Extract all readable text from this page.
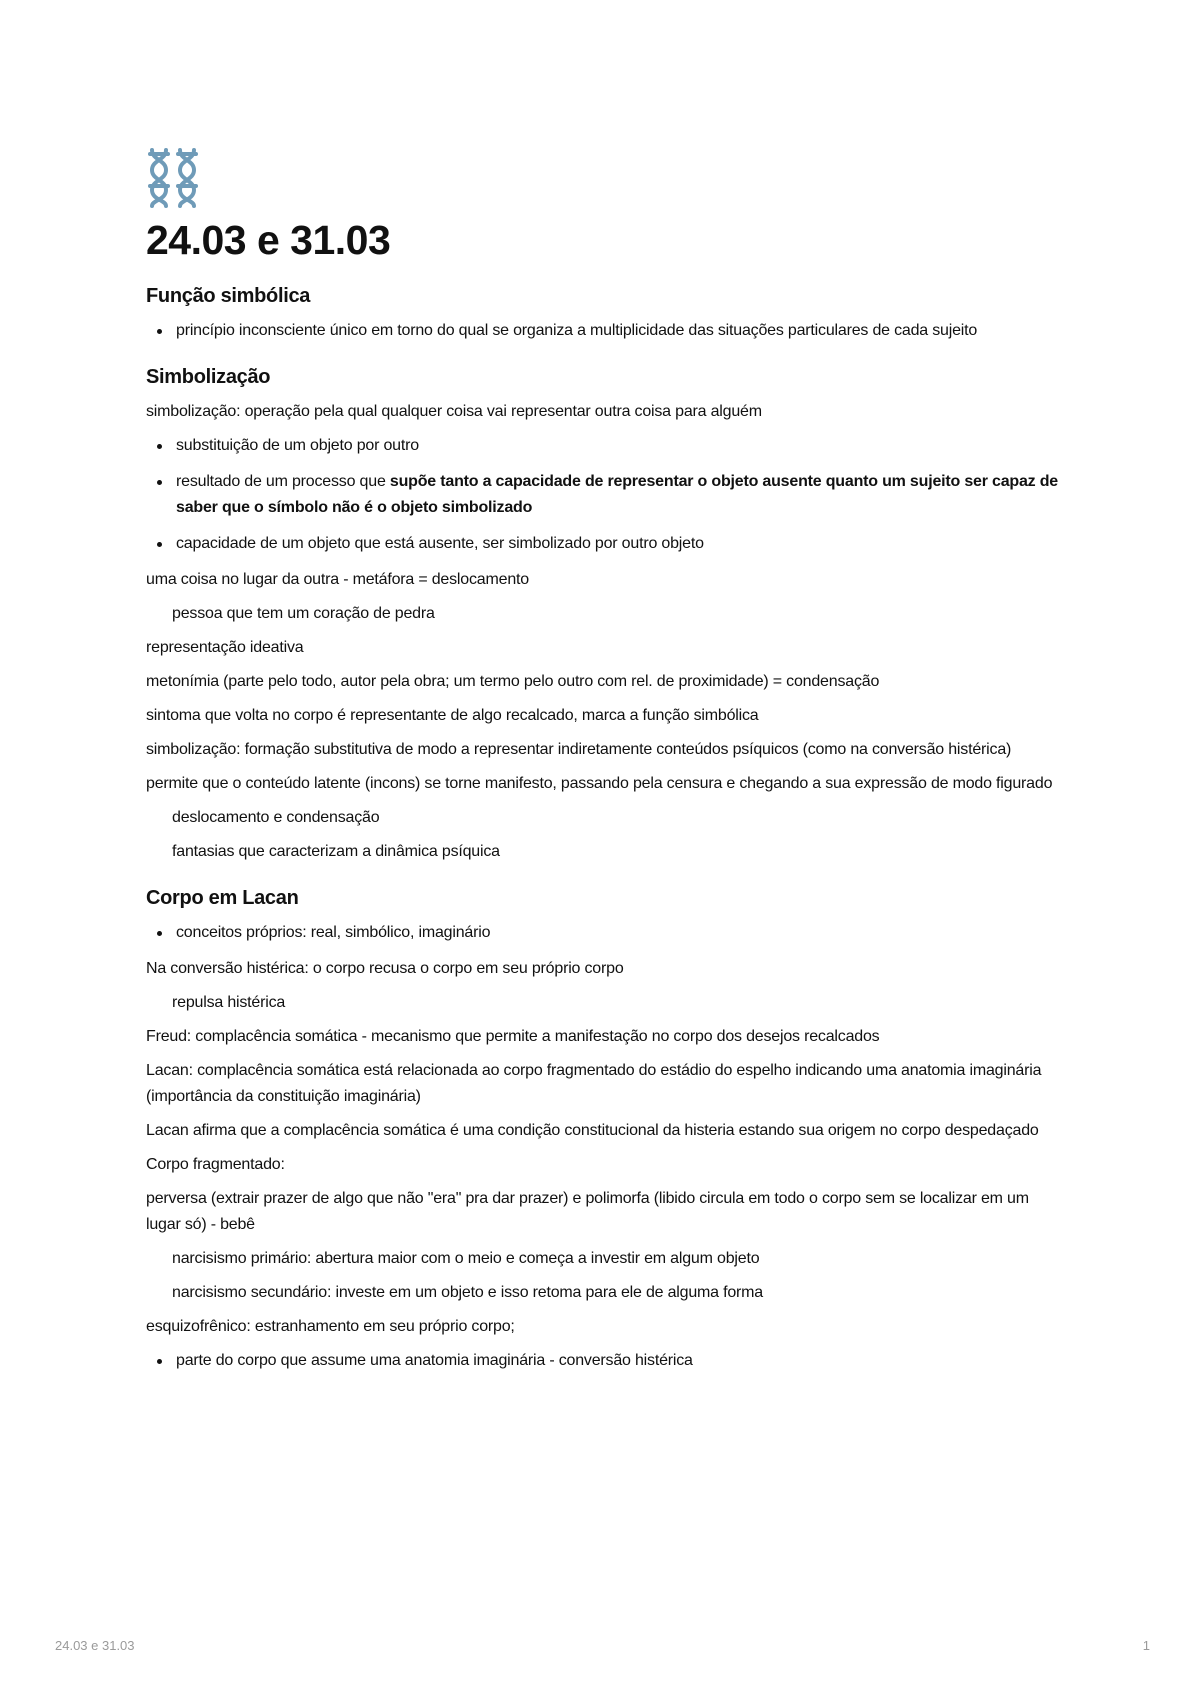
24.03 e 31.03
Função simbólica
princípio inconsciente único em torno do qual se organiza a multiplicidade das situações particulares de cada sujeito
Simbolização

simbolização: operação pela qual qualquer coisa vai representar outra coisa para alguém

substituição de um objeto por outro
resultado de um processo que supõe tanto a capacidade de representar o objeto ausente quanto um sujeito ser capaz de saber que o símbolo não é o objeto simbolizado
capacidade de um objeto que está ausente, ser simbolizado por outro objeto

uma coisa no lugar da outra - metáfora = deslocamento

pessoa que tem um coração de pedra

representação ideativa

metonímia (parte pelo todo, autor pela obra; um termo pelo outro com rel. de proximidade) = condensação

sintoma que volta no corpo é representante de algo recalcado, marca a função simbólica

simbolização: formação substitutiva de modo a representar indiretamente conteúdos psíquicos (como na conversão histérica)

permite que o conteúdo latente (incons) se torne manifesto, passando pela censura e chegando a sua expressão de modo figurado

deslocamento e condensação

fantasias que caracterizam a dinâmica psíquica

Corpo em Lacan
conceitos próprios: real, simbólico, imaginário

Na conversão histérica: o corpo recusa o corpo em seu próprio corpo

repulsa histérica

Freud: complacência somática - mecanismo que permite a manifestação no corpo dos desejos recalcados

Lacan: complacência somática está relacionada ao corpo fragmentado do estádio do espelho indicando uma anatomia imaginária (importância da constituição imaginária)

Lacan afirma que a complacência somática é uma condição constitucional da histeria estando sua origem no corpo despedaçado

Corpo fragmentado:

perversa (extrair prazer de algo que não "era" pra dar prazer) e polimorfa (libido circula em todo o corpo sem se localizar em um lugar só) - bebê

narcisismo primário: abertura maior com o meio e começa a investir em algum objeto

narcisismo secundário: investe em um objeto e isso retoma para ele de alguma forma

esquizofrênico: estranhamento em seu próprio corpo;

parte do corpo que assume uma anatomia imaginária - conversão histérica
24.03 e 31.03	1
